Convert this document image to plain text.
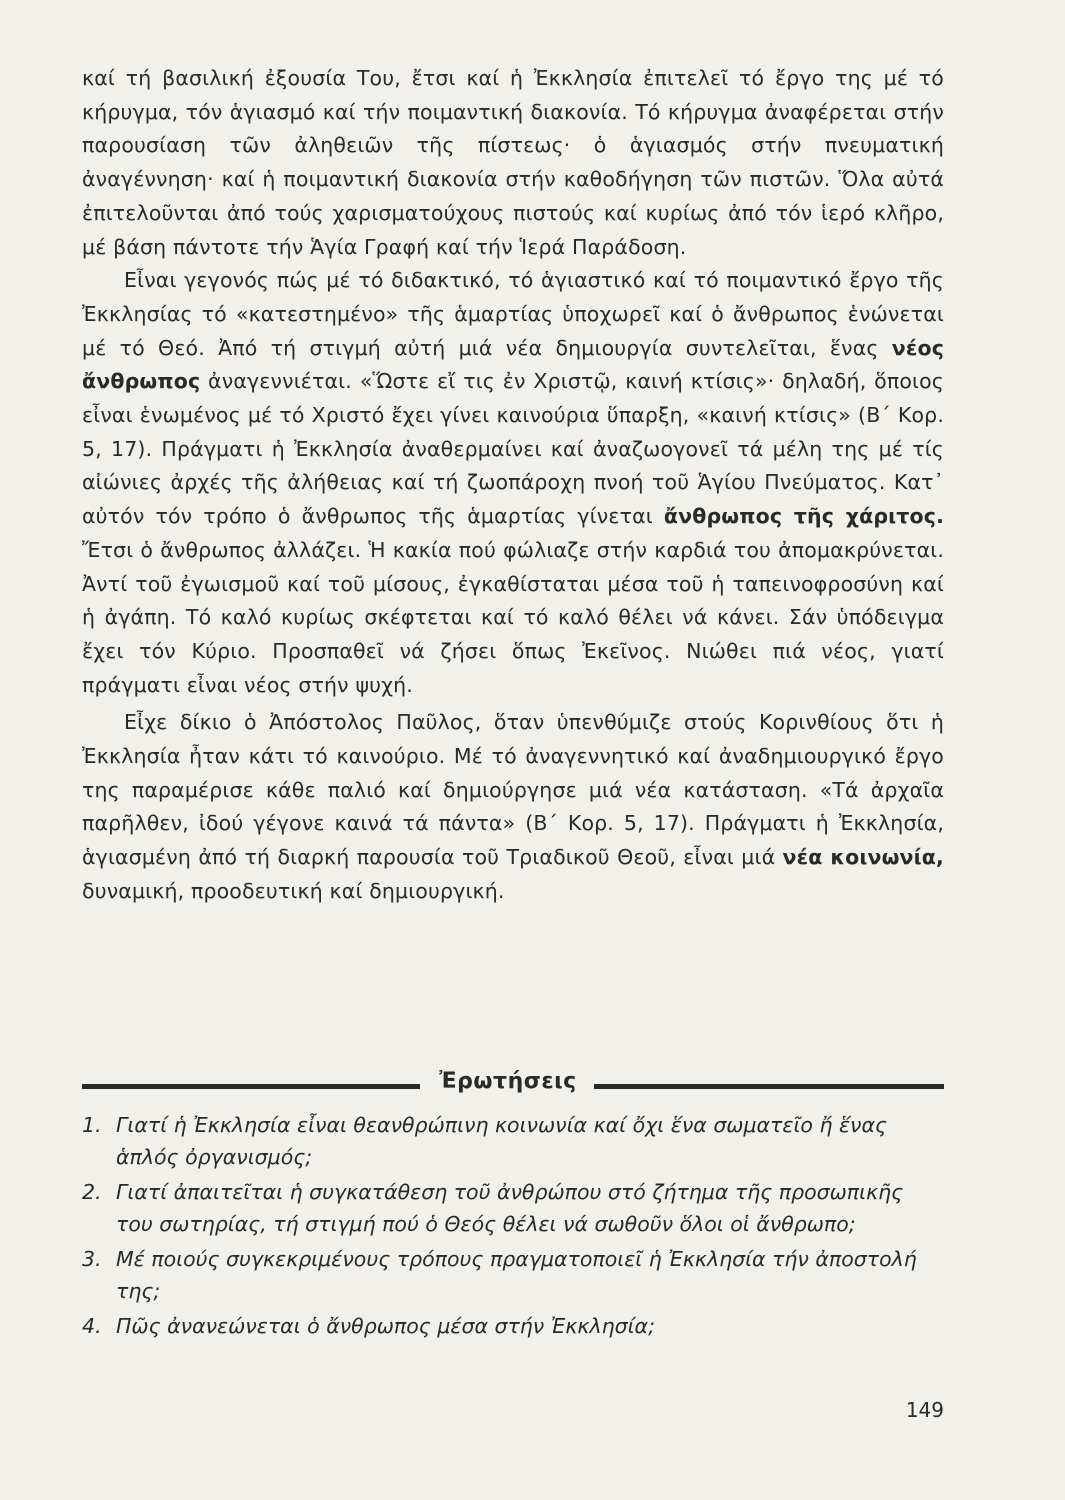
καί τή βασιλική ἐξουσία Του, ἔτσι καί ἡ Ἐκκλησία ἐπιτελεῖ τό ἔργο της μέ τό κήρυγμα, τόν ἁγιασμό καί τήν ποιμαντική διακονία. Τό κήρυγμα ἀναφέρεται στήν παρουσίαση τῶν ἀληθειῶν τῆς πίστεως· ὁ ἁγιασμός στήν πνευματική ἀναγέννηση· καί ἡ ποιμαντική διακονία στήν καθοδήγηση τῶν πιστῶν. Ὅλα αὐτά ἐπιτελοῦνται ἀπό τούς χαρισματούχους πιστούς καί κυρίως ἀπό τόν ἱερό κλῆρο, μέ βάση πάντοτε τήν Ἁγία Γραφή καί τήν Ἱερά Παράδοση.

Εἶναι γεγονός πώς μέ τό διδακτικό, τό ἁγιαστικό καί τό ποιμαντικό ἔργο τῆς Ἐκκλησίας τό «κατεστημένο» τῆς ἁμαρτίας ὑποχωρεῖ καί ὁ ἄνθρωπος ἑνώνεται μέ τό Θεό. Ἀπό τή στιγμή αὐτή μιά νέα δημιουργία συντελεῖται, ἕνας νέος ἄνθρωπος ἀναγεννιέται. «Ὥστε εἴ τις ἐν Χριστῷ, καινή κτίσις»· δηλαδή, ὅποιος εἶναι ἑνωμένος μέ τό Χριστό ἔχει γίνει καινούρια ὕπαρξη, «καινή κτίσις» (Β΄ Κορ. 5, 17). Πράγματι ἡ Ἐκκλησία ἀναθερμαίνει καί ἀναζωογονεῖ τά μέλη της μέ τίς αἰώνιες ἀρχές τῆς ἀλήθειας καί τή ζωοπάροχη πνοή τοῦ Ἁγίου Πνεύματος. Κατ᾽ αὐτόν τόν τρόπο ὁ ἄνθρωπος τῆς ἁμαρτίας γίνεται ἄνθρωπος τῆς χάριτος. Ἔτσι ὁ ἄνθρωπος ἀλλάζει. Ἡ κακία πού φώλιαζε στήν καρδιά του ἀπομακρύνεται. Ἀντί τοῦ ἐγωισμοῦ καί τοῦ μίσους, ἐγκαθίσταται μέσα τοῦ ἡ ταπεινοφροσύνη καί ἡ ἀγάπη. Τό καλό κυρίως σκέφτεται καί τό καλό θέλει νά κάνει. Σάν ὑπόδειγμα ἔχει τόν Κύριο. Προσπαθεῖ νά ζήσει ὅπως Ἐκεῖνος. Νιώθει πιά νέος, γιατί πράγματι εἶναι νέος στήν ψυχή.

Εἶχε δίκιο ὁ Ἀπόστολος Παῦλος, ὅταν ὑπενθύμιζε στούς Κορινθίους ὅτι ἡ Ἐκκλησία ἦταν κάτι τό καινούριο. Μέ τό ἀναγεννητικό καί ἀναδημιουργικό ἔργο της παραμέρισε κάθε παλιό καί δημιούργησε μιά νέα κατάσταση. «Τά ἀρχαῖα παρῆλθεν, ἰδού γέγονε καινά τά πάντα» (Β΄ Κορ. 5, 17). Πράγματι ἡ Ἐκκλησία, ἁγιασμένη ἀπό τή διαρκή παρουσία τοῦ Τριαδικοῦ Θεοῦ, εἶναι μιά νέα κοινωνία, δυναμική, προοδευτική καί δημιουργική.

Ἐρωτήσεις
1. Γιατί ἡ Ἐκκλησία εἶναι θεανθρώπινη κοινωνία καί ὄχι ἕνα σωματεῖο ἤ ἕνας ἁπλός ὀργανισμός;
2. Γιατί ἀπαιτεῖται ἡ συγκατάθεση τοῦ ἀνθρώπου στό ζήτημα τῆς προσωπικῆς του σωτηρίας, τή στιγμή πού ὁ Θεός θέλει νά σωθοῦν ὅλοι οἱ ἄνθρωπο;
3. Μέ ποιούς συγκεκριμένους τρόπους πραγματοποιεῖ ἡ Ἐκκλησία τήν ἀποστολή της;
4. Πῶς ἀνανεώνεται ὁ ἄνθρωπος μέσα στήν Ἐκκλησία;
149
